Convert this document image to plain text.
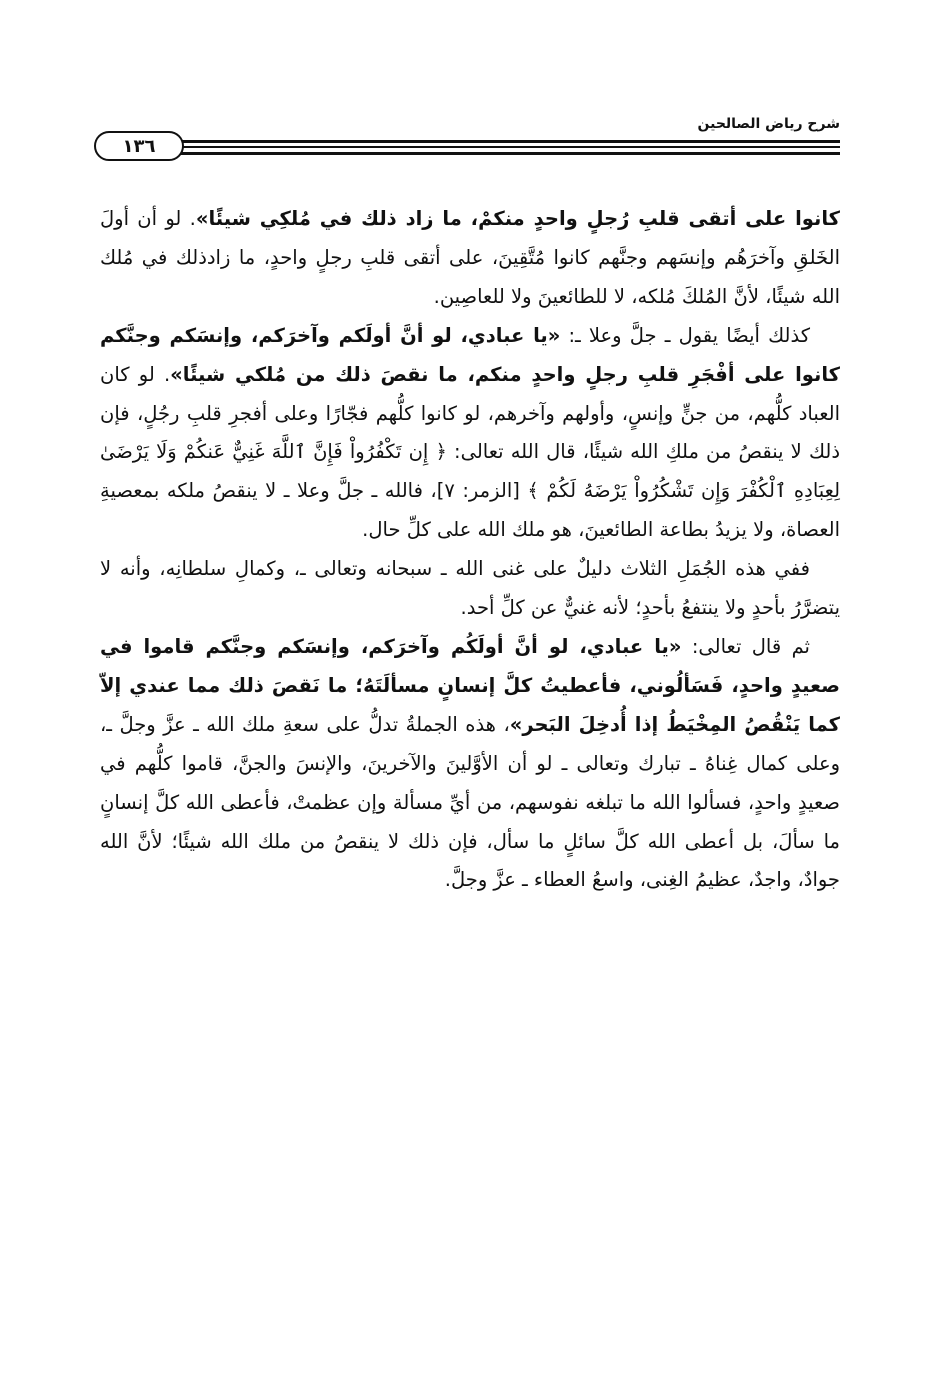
شرح رياض الصالحين
١٣٦

كانوا على أتقى قلبِ رُجلٍ واحدٍ منكمْ، ما زاد ذلك في مُلكِي شيئًا». لو أن أولَ الخَلقِ وآخرَهُم وإنسَهم وجنَّهم كانوا مُتَّقِينَ، على أتقى قلبِ رجلٍ واحدٍ، ما زادذلك في مُلك الله شيئًا، لأنَّ المُلكَ مُلكه، لا للطائعينَ ولا للعاصِين.

كذلك أيضًا يقول ـ جلَّ وعلا ـ: «يا عبادي، لو أنَّ أولَكم وآخرَكم، وإنسَكم وجنَّكم كانوا على أفْجَرِ قلبِ رجلٍ واحدٍ منكم، ما نقصَ ذلك من مُلكي شيئًا». لو كان العباد كلُّهم، من جنٍّ وإنسٍ، وأولهم وآخرهم، لو كانوا كلُّهم فجّارًا وعلى أفجرِ قلبِ رجُلٍ، فإن ذلك لا ينقصُ من ملكِ الله شيئًا، قال الله تعالى: ﴿ إِن تَكْفُرُواْ فَإِنَّ ٱللَّهَ غَنِيٌّ عَنكُمْ وَلَا يَرْضَىٰ لِعِبَادِهِ ٱلْكُفْرَ وَإِن تَشْكُرُواْ يَرْضَهُ لَكُمْ ﴾ [الزمر: ٧]، فالله ـ جلَّ وعلا ـ لا ينقصُ ملكه بمعصيةِ العصاة، ولا يزيدُ بطاعة الطائعينَ، هو ملك الله على كلِّ حال.

ففي هذه الجُمَلِ الثلاث دليلٌ على غنى الله ـ سبحانه وتعالى ـ، وكمالِ سلطانِه، وأنه لا يتضرَّرُ بأحدٍ ولا ينتفعُ بأحدٍ؛ لأنه غنيٌّ عن كلِّ أحد.

ثم قال تعالى: «يا عبادي، لو أنَّ أولَكُم وآخرَكم، وإنسَكم وجنَّكم قاموا في صعيدٍ واحدٍ، فَسَألُوني، فأعطيتُ كلَّ إنسانٍ مسألَتَهُ؛ ما نَقصَ ذلك مما عندي إلاّ كما يَنْقُصُ المِخْيَطُ إذا أُدخِلَ البَحر»، هذه الجملةُ تدلُّ على سعةِ ملك الله ـ عزَّ وجلَّ ـ، وعلى كمال غِناهُ ـ تبارك وتعالى ـ لو أن الأوَّلينَ والآخرينَ، والإنسَ والجنَّ، قاموا كلُّهم في صعيدٍ واحدٍ، فسألوا الله ما تبلغه نفوسهم، من أيِّ مسألة وإن عظمتْ، فأعطى الله كلَّ إنسانٍ ما سألَ، بل أعطى الله كلَّ سائلٍ ما سأل، فإن ذلك لا ينقصُ من ملك الله شيئًا؛ لأنَّ الله جوادٌ، واجدٌ، عظيمُ الغِنى، واسعُ العطاء ـ عزَّ وجلَّ.
